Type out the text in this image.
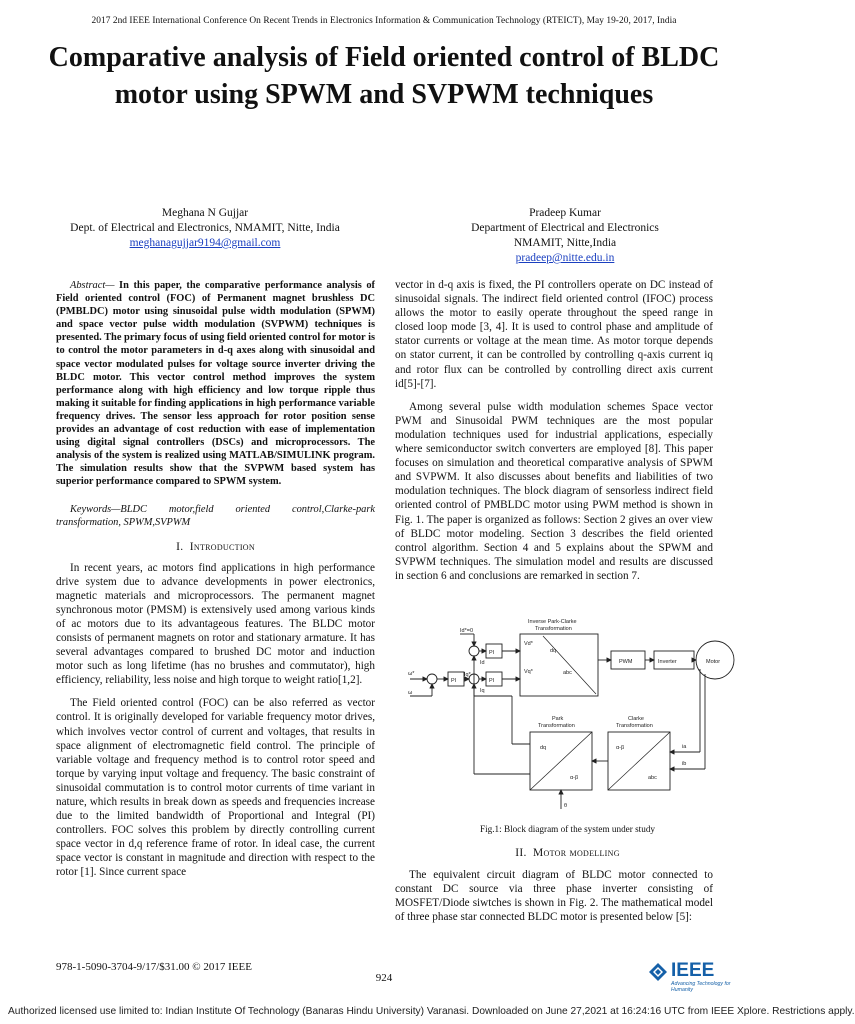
2017 2nd IEEE International Conference On Recent Trends in Electronics Information & Communication Technology (RTEICT), May 19-20, 2017, India
Comparative analysis of Field oriented control of BLDC motor using SPWM and SVPWM techniques
Meghana N Gujjar
Dept. of Electrical and Electronics, NMAMIT, Nitte, India
meghanagujjar9194@gmail.com
Pradeep Kumar
Department of Electrical and Electronics
NMAMIT, Nitte,India
pradeep@nitte.edu.in
Abstract— In this paper, the comparative performance analysis of Field oriented control (FOC) of Permanent magnet brushless DC (PMBLDC) motor using sinusoidal pulse width modulation (SPWM) and space vector pulse width modulation (SVPWM) techniques is presented. The primary focus of using field oriented control for motor is to control the motor parameters in d-q axes along with sinusoidal and space vector modulated pulses for voltage source inverter driving the BLDC motor. This vector control method improves the system performance along with high efficiency and low torque ripple thus making it suitable for finding applications in high performance variable frequency drives. The sensor less approach for rotor position sense provides an advantage of cost reduction with ease of implementation using digital signal controllers (DSCs) and microprocessors. The analysis of the system is realized using MATLAB/SIMULINK program. The simulation results show that the SVPWM based system has superior performance compared to SPWM system.
Keywords—BLDC motor,field oriented control,Clarke-park transformation, SPWM,SVPWM
I. Introduction

In recent years, ac motors find applications in high performance drive system due to advance developments in power electronics, magnetic materials and microprocessors. The permanent magnet synchronous motor (PMSM) is extensively used among various kinds of ac motors due to its advantageous features. The BLDC motor consists of permanent magnets on rotor and stationary armature. It has several advantages compared to brushed DC motor and induction motor such as long lifetime (has no brushes and commutator), high efficiency, reliability, less noise and high torque to weight ratio[1,2].

The Field oriented control (FOC) can be also referred as vector control. It is originally developed for variable frequency motor drives, which involves vector control of current and voltages, that results in space alignment of electromagnetic field control. The principle of variable voltage and frequency method is to control rotor speed and torque by varying input voltage and frequency. The basic constraint of sinusoidal commutation is to control motor currents of time variant in nature, which results in break down as speeds and frequencies increase due to the limited bandwidth of Proportional and Integral (PI) controllers. FOC solves this problem by directly controlling current space vector in d,q reference frame of rotor. In ideal case, the current space vector is constant in magnitude and direction with respect to the rotor [1]. Since current space

vector in d-q axis is fixed, the PI controllers operate on DC instead of sinusoidal signals. The indirect field oriented control (IFOC) process allows the motor to easily operate throughout the speed range in closed loop mode [3, 4]. It is used to control phase and amplitude of stator currents or voltage at the mean time. As motor torque depends on stator current, it can be controlled by controlling q-axis current iq and rotor flux can be controlled by controlling direct axis current id[5]-[7].

Among several pulse width modulation schemes Space vector PWM and Sinusoidal PWM techniques are the most popular modulation techniques used for industrial applications, especially where semiconductor switch converters are employed [8]. This paper focuses on simulation and theoretical comparative analysis of SPWM and SVPWM. It also discusses about benefits and liabilities of two modulation techniques. The block diagram of sensorless indirect field oriented control of PMBLDC motor using PWM method is shown in Fig. 1. The paper is organized as follows: Section 2 gives an over view of BLDC motor modeling. Section 3 describes the field oriented control algorithm. Section 4 and 5 explains about the SPWM and SVPWM techniques. The simulation model and results are discussed in section 6 and conclusions are remarked in section 7.

Inverse Park-Clarke
Transformation
Id*=0
Vd*
Vq*
PI
PI
PI
dq
abc
PWM	Inverter	Motor
ω*
ω
Id
Iq
Iq*
Park
Transformation
Clarke
Transformation
dq
α-β
α-β
abc
ia
ib
θ
Fig.1: Block diagram of the system under study
II. Motor modelling

The equivalent circuit diagram of BLDC motor connected to constant DC source via three phase inverter consisting of MOSFET/Diode siwtches is shown in Fig. 2. The mathematical model of three phase star connected BLDC motor is presented below [5]:

978-1-5090-3704-9/17/$31.00 © 2017 IEEE
924	IEEE
Advancing Technology for Humanity
Authorized licensed use limited to: Indian Institute Of Technology (Banaras Hindu University) Varanasi. Downloaded on June 27,2021 at 16:24:16 UTC from IEEE Xplore. Restrictions apply.
